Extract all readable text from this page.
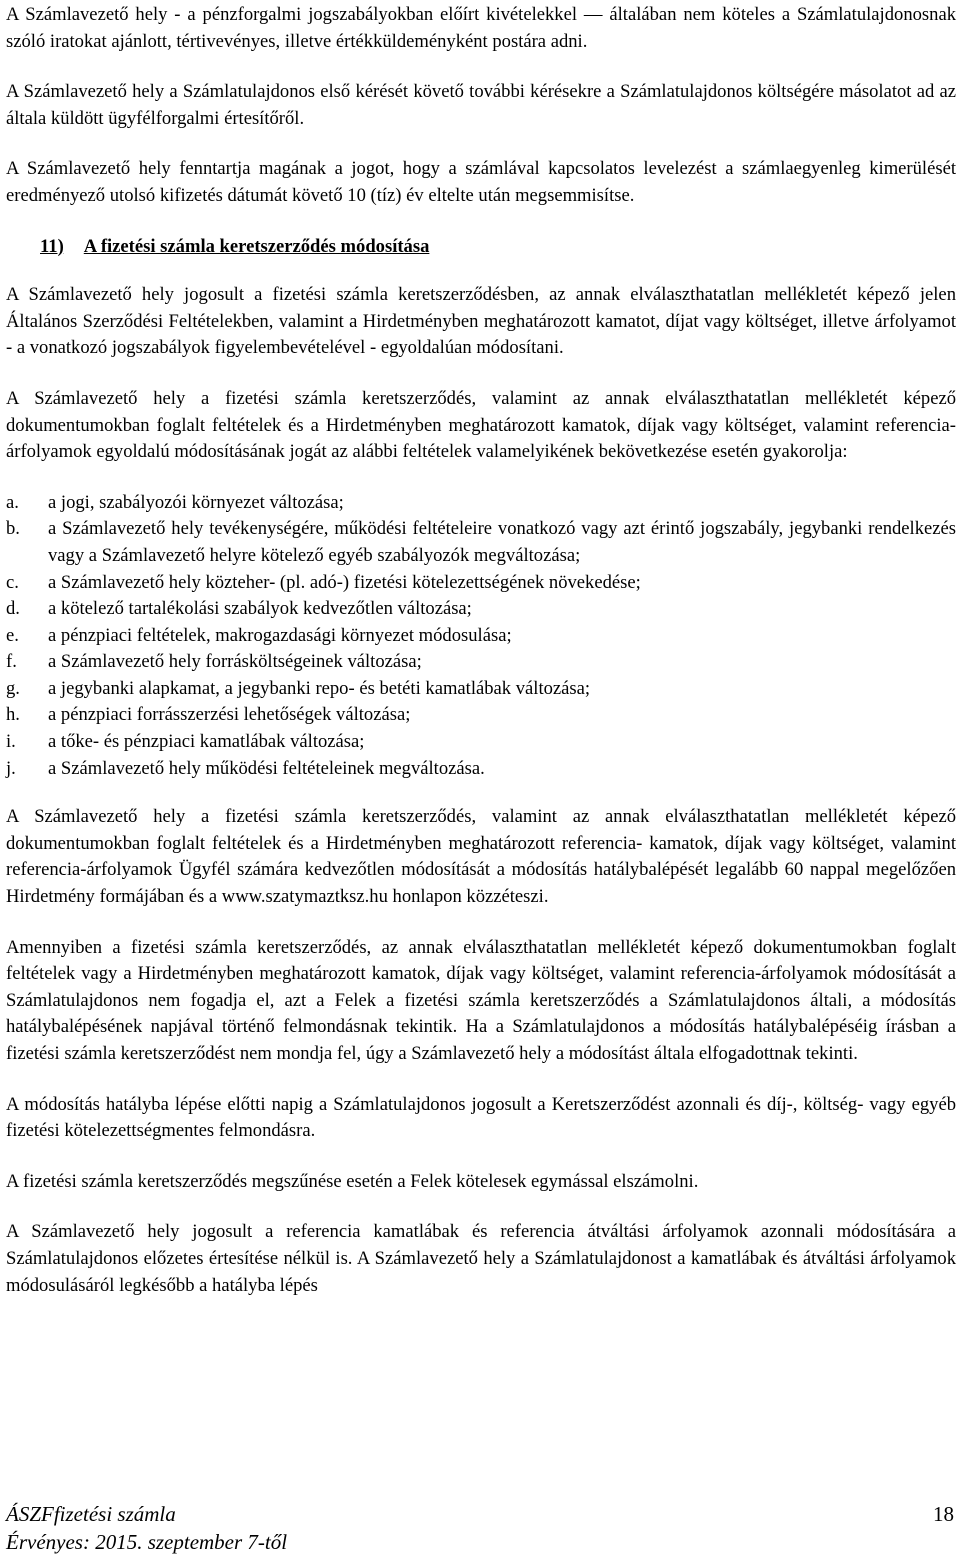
A Számlavezető hely - a pénzforgalmi jogszabályokban előírt kivételekkel — általában nem köteles a Számlatulajdonosnak szóló iratokat ajánlott, tértivevényes, illetve értékküldeményként postára adni.

A Számlavezető hely a Számlatulajdonos első kérését követő további kérésekre a Számlatulajdonos költségére másolatot ad az általa küldött ügyfélforgalmi értesítőről.

A Számlavezető hely fenntartja magának a jogot, hogy a számlával kapcsolatos levelezést a számlaegyenleg kimerülését eredményező utolsó kifizetés dátumát követő 10 (tíz) év eltelte után megsemmisítse.

11) A fizetési számla keretszerződés módosítása

A Számlavezető hely jogosult a fizetési számla keretszerződésben, az annak elválaszthatatlan mellékletét képező jelen Általános Szerződési Feltételekben, valamint a Hirdetményben meghatározott kamatot, díjat vagy költséget, illetve árfolyamot - a vonatkozó jogszabályok figyelembevételével - egyoldalúan módosítani.

A Számlavezető hely a fizetési számla keretszerződés, valamint az annak elválaszthatatlan mellékletét képező dokumentumokban foglalt feltételek és a Hirdetményben meghatározott kamatok, díjak vagy költséget, valamint referencia-árfolyamok egyoldalú módosításának jogát az alábbi feltételek valamelyikének bekövetkezése esetén gyakorolja:

a. a jogi, szabályozói környezet változása;
b. a Számlavezető hely tevékenységére, működési feltételeire vonatkozó vagy azt érintő jogszabály, jegybanki rendelkezés vagy a Számlavezető helyre kötelező egyéb szabályozók megváltozása;
c. a Számlavezető hely közteher- (pl. adó-) fizetési kötelezettségének növekedése;
d. a kötelező tartalékolási szabályok kedvezőtlen változása;
e. a pénzpiaci feltételek, makrogazdasági környezet módosulása;
f. a Számlavezető hely forrásköltségeinek változása;
g. a jegybanki alapkamat, a jegybanki repo- és betéti kamatlábak változása;
h. a pénzpiaci forrásszerzési lehetőségek változása;
i. a tőke- és pénzpiaci kamatlábak változása;
j. a Számlavezető hely működési feltételeinek megváltozása.

A Számlavezető hely a fizetési számla keretszerződés, valamint az annak elválaszthatatlan mellékletét képező dokumentumokban foglalt feltételek és a Hirdetményben meghatározott referencia- kamatok, díjak vagy költséget, valamint referencia-árfolyamok Ügyfél számára kedvezőtlen módosítását a módosítás hatálybalépését legalább 60 nappal megelőzően Hirdetmény formájában és a www.szatymaztksz.hu honlapon közzéteszi.

Amennyiben a fizetési számla keretszerződés, az annak elválaszthatatlan mellékletét képező dokumentumokban foglalt feltételek vagy a Hirdetményben meghatározott kamatok, díjak vagy költséget, valamint referencia-árfolyamok módosítását a Számlatulajdonos nem fogadja el, azt a Felek a fizetési számla keretszerződés a Számlatulajdonos általi, a módosítás hatálybalépésének napjával történő felmondásnak tekintik. Ha a Számlatulajdonos a módosítás hatálybalépéséig írásban a fizetési számla keretszerződést nem mondja fel, úgy a Számlavezető hely a módosítást általa elfogadottnak tekinti.

A módosítás hatályba lépése előtti napig a Számlatulajdonos jogosult a Keretszerződést azonnali és díj-, költség- vagy egyéb fizetési kötelezettségmentes felmondásra.

A fizetési számla keretszerződés megszűnése esetén a Felek kötelesek egymással elszámolni.

A Számlavezető hely jogosult a referencia kamatlábak és referencia átváltási árfolyamok azonnali módosítására a Számlatulajdonos előzetes értesítése nélkül is. A Számlavezető hely a Számlatulajdonost a kamatlábak és átváltási árfolyamok módosulásáról legkésőbb a hatályba lépés

ÁSZFfizetési számla
Érvényes: 2015. szeptember 7-től
18
